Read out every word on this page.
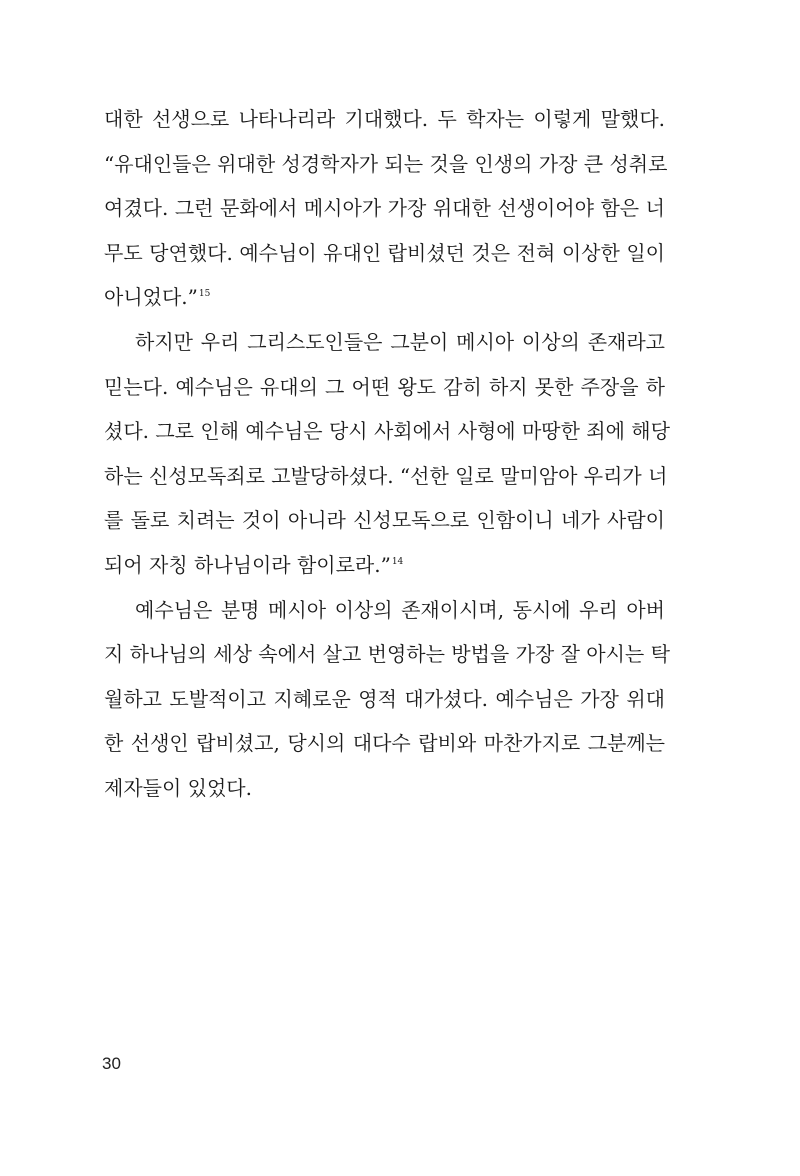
대한 선생으로 나타나리라 기대했다. 두 학자는 이렇게 말했다.
“유대인들은 위대한 성경학자가 되는 것을 인생의 가장 큰 성취로
여겼다. 그런 문화에서 메시아가 가장 위대한 선생이어야 함은 너
무도 당연했다. 예수님이 유대인 랍비셨던 것은 전혀 이상한 일이
아니었다.”$^{15}$
하지만 우리 그리스도인들은 그분이 메시아 이상의 존재라고
믿는다. 예수님은 유대의 그 어떤 왕도 감히 하지 못한 주장을 하
셨다. 그로 인해 예수님은 당시 사회에서 사형에 마땅한 죄에 해당
하는 신성모독죄로 고발당하셨다. “선한 일로 말미암아 우리가 너
를 돌로 치려는 것이 아니라 신성모독으로 인함이니 네가 사람이
되어 자칭 하나님이라 함이로라.”$^{14}$
예수님은 분명 메시아 이상의 존재이시며, 동시에 우리 아버
지 하나님의 세상 속에서 살고 번영하는 방법을 가장 잘 아시는 탁
월하고 도발적이고 지혜로운 영적 대가셨다. 예수님은 가장 위대
한 선생인 랍비셨고, 당시의 대다수 랍비와 마찬가지로 그분께는
제자들이 있었다.
30
